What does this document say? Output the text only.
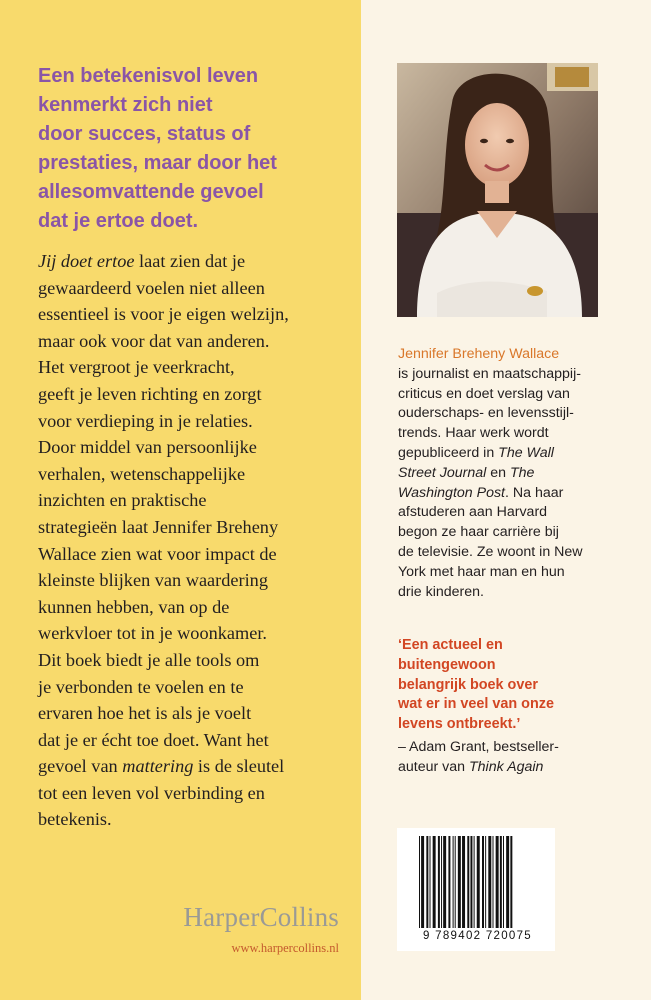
Een betekenisvol leven
kenmerkt zich niet
door succes, status of
prestaties, maar door het
allesomvattende gevoel
dat je ertoe doet.
Jij doet ertoe laat zien dat je
gewaardeerd voelen niet alleen
essentieel is voor je eigen welzijn,
maar ook voor dat van anderen.
Het vergroot je veerkracht,
geeft je leven richting en zorgt
voor verdieping in je relaties.
Door middel van persoonlijke
verhalen, wetenschappelijke
inzichten en praktische
strategieën laat Jennifer Breheny
Wallace zien wat voor impact de
kleinste blijken van waardering
kunnen hebben, van op de
werkvloer tot in je woonkamer.
Dit boek biedt je alle tools om
je verbonden te voelen en te
ervaren hoe het is als je voelt
dat je er écht toe doet. Want het
gevoel van mattering is de sleutel
tot een leven vol verbinding en
betekenis.
HarperCollins
www.harpercollins.nl
Jennifer Breheny Wallace
is journalist en maatschappij-
criticus en doet verslag van
ouderschaps- en levensstijl-
trends. Haar werk wordt
gepubliceerd in The Wall
Street Journal en The
Washington Post. Na haar
afstuderen aan Harvard
begon ze haar carrière bij
de televisie. Ze woont in New
York met haar man en hun
drie kinderen.
‘Een actueel en
buitengewoon
belangrijk boek over
wat er in veel van onze
levens ontbreekt.’
– Adam Grant, bestseller-
auteur van Think Again
9 789402 720075
